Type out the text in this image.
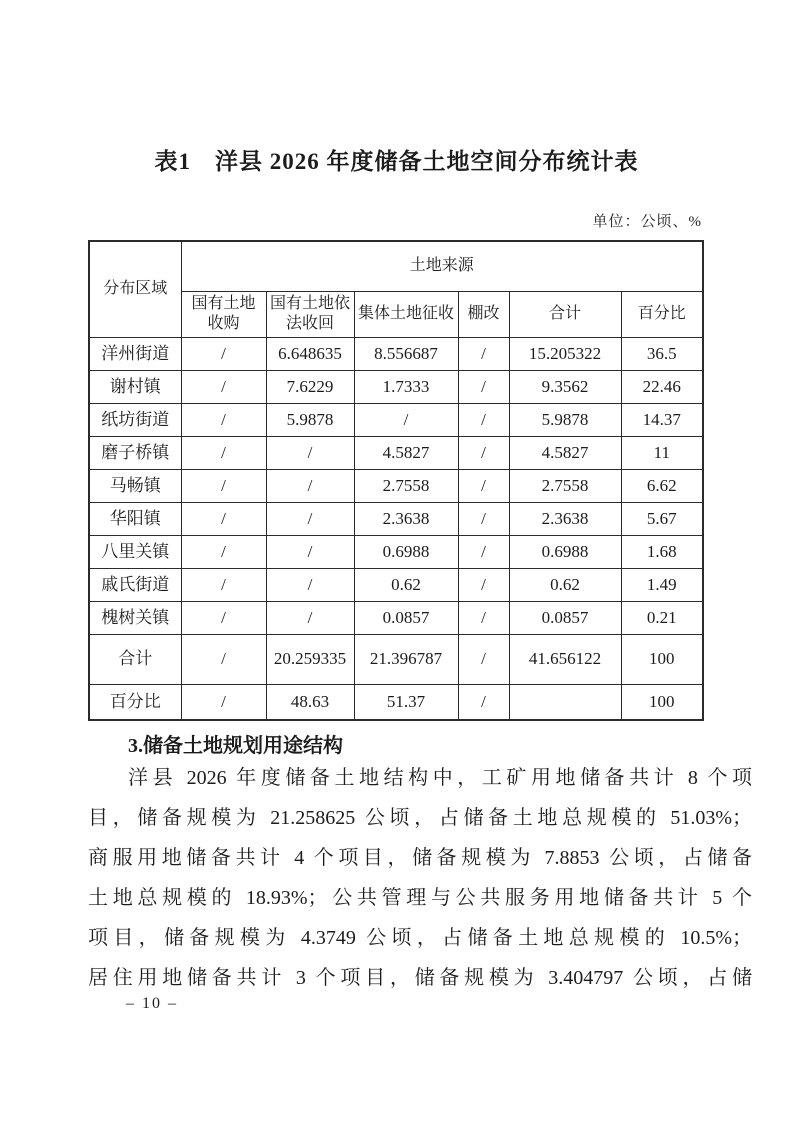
表1　洋县 2026 年度储备土地空间分布统计表
单位：公顷、%
分布区域	土地来源					
	国有土地收购	国有土地依法收回	集体土地征收	棚改	合计	百分比
洋州街道	/	6.648635	8.556687	/	15.205322	36.5
谢村镇	/	7.6229	1.7333	/	9.3562	22.46
纸坊街道	/	5.9878	/	/	5.9878	14.37
磨子桥镇	/	/	4.5827	/	4.5827	11
马畅镇	/	/	2.7558	/	2.7558	6.62
华阳镇	/	/	2.3638	/	2.3638	5.67
八里关镇	/	/	0.6988	/	0.6988	1.68
戚氏街道	/	/	0.62	/	0.62	1.49
槐树关镇	/	/	0.0857	/	0.0857	0.21
合计	/	20.259335	21.396787	/	41.656122	100
百分比	/	48.63	51.37	/		100
3.储备土地规划用途结构
洋县 2026 年度储备土地结构中，工矿用地储备共计 8 个项
目，储备规模为 21.258625 公顷，占储备土地总规模的 51.03%；
商服用地储备共计 4 个项目，储备规模为 7.8853 公顷，占储备
土地总规模的 18.93%；公共管理与公共服务用地储备共计 5 个
项目，储备规模为 4.3749 公顷，占储备土地总规模的 10.5%；
居住用地储备共计 3 个项目，储备规模为 3.404797 公顷，占储
– 10 –
